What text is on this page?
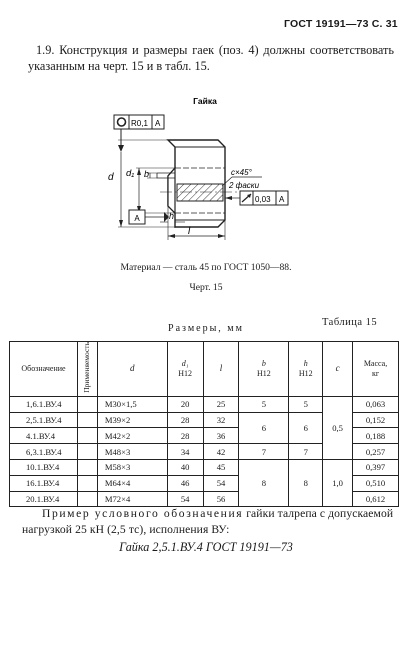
ГОСТ 19191—73 С. 31
1.9. Конструкция и размеры гаек (поз. 4) должны соответствовать указанным на черт. 15 и в табл. 15.
Гайка
R0,1 A
d d₁ b	c×45°
2 фаски
0,03 A
A	h
l
Материал — сталь 45 по ГОСТ 1050—88.
Черт. 15
Таблица 15
Размеры, мм
Обозначение	Применяемость	d	d₁
H12	l	b
H12	h
H12	c	Масса,
кг
1,6.1.ВУ.4		M30×1,5	20	25	5	5	0,5	0,063
2,5.1.ВУ.4		M39×2	28	32	6	6		0,152
4.1.ВУ.4		M42×2	28	36				0,188
6,3.1.ВУ.4		M48×3	34	42	7	7		0,257
10.1.ВУ.4		M58×3	40	45	8	8	1,0	0,397
16.1.ВУ.4		M64×4	46	54				0,510
20.1.ВУ.4		M72×4	54	56				0,612
Пример условного обозначения гайки талрепа с допускаемой нагрузкой 25 кН (2,5 тс), исполнения ВУ:
Гайка 2,5.1.ВУ.4 ГОСТ 19191—73
